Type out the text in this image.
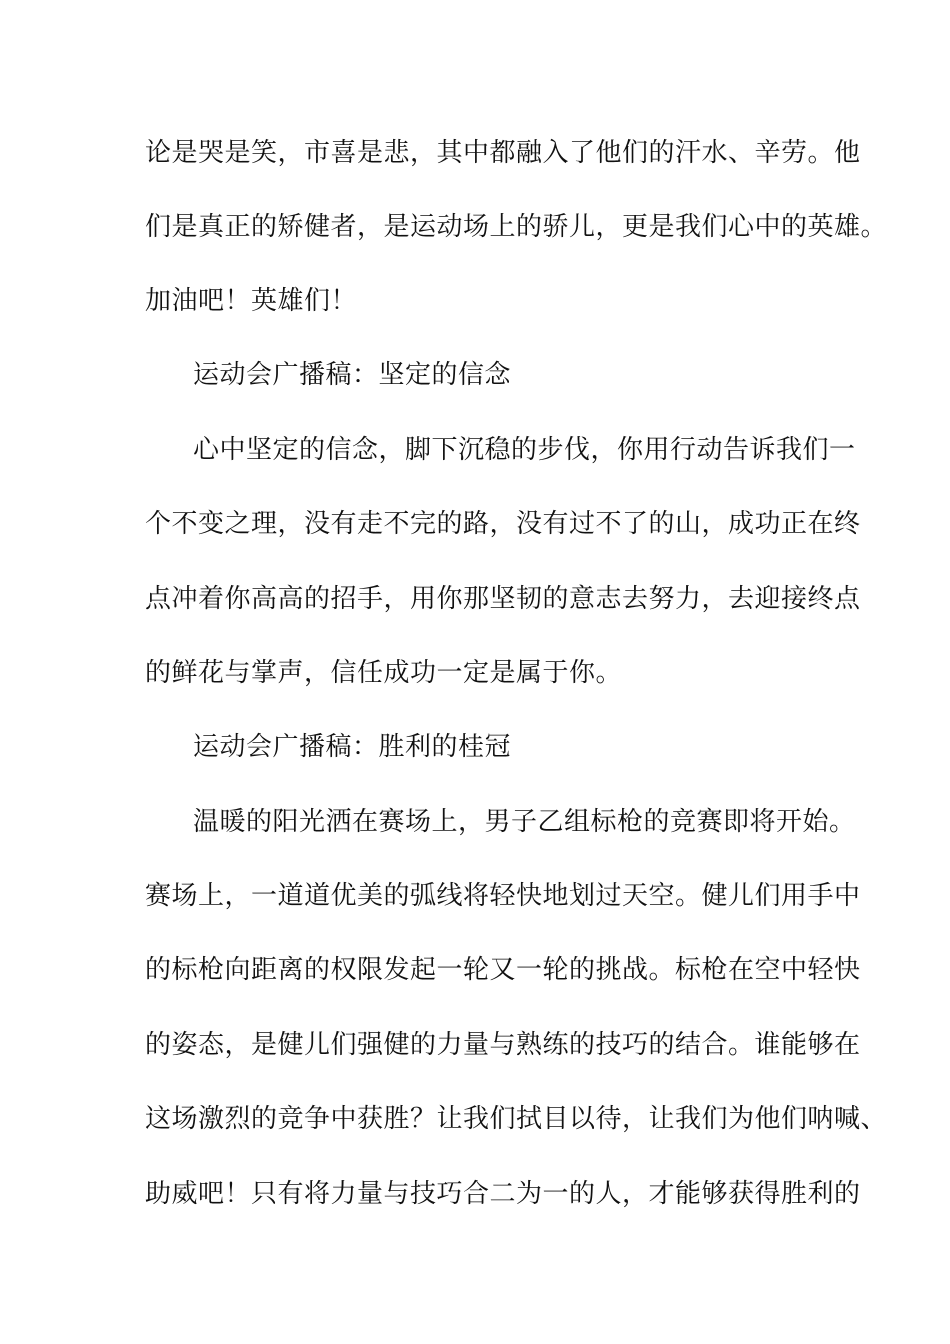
论是哭是笑，市喜是悲，其中都融入了他们的汗水、辛劳。他
们是真正的矫健者，是运动场上的骄儿，更是我们心中的英雄。
加油吧！英雄们！
运动会广播稿：坚定的信念
心中坚定的信念，脚下沉稳的步伐，你用行动告诉我们一
个不变之理，没有走不完的路，没有过不了的山，成功正在终
点冲着你高高的招手，用你那坚韧的意志去努力，去迎接终点
的鲜花与掌声，信任成功一定是属于你。
运动会广播稿：胜利的桂冠
温暖的阳光洒在赛场上，男子乙组标枪的竞赛即将开始。
赛场上，一道道优美的弧线将轻快地划过天空。健儿们用手中
的标枪向距离的权限发起一轮又一轮的挑战。标枪在空中轻快
的姿态，是健儿们强健的力量与熟练的技巧的结合。谁能够在
这场激烈的竞争中获胜？让我们拭目以待，让我们为他们呐喊、
助威吧！只有将力量与技巧合二为一的人，才能够获得胜利的
